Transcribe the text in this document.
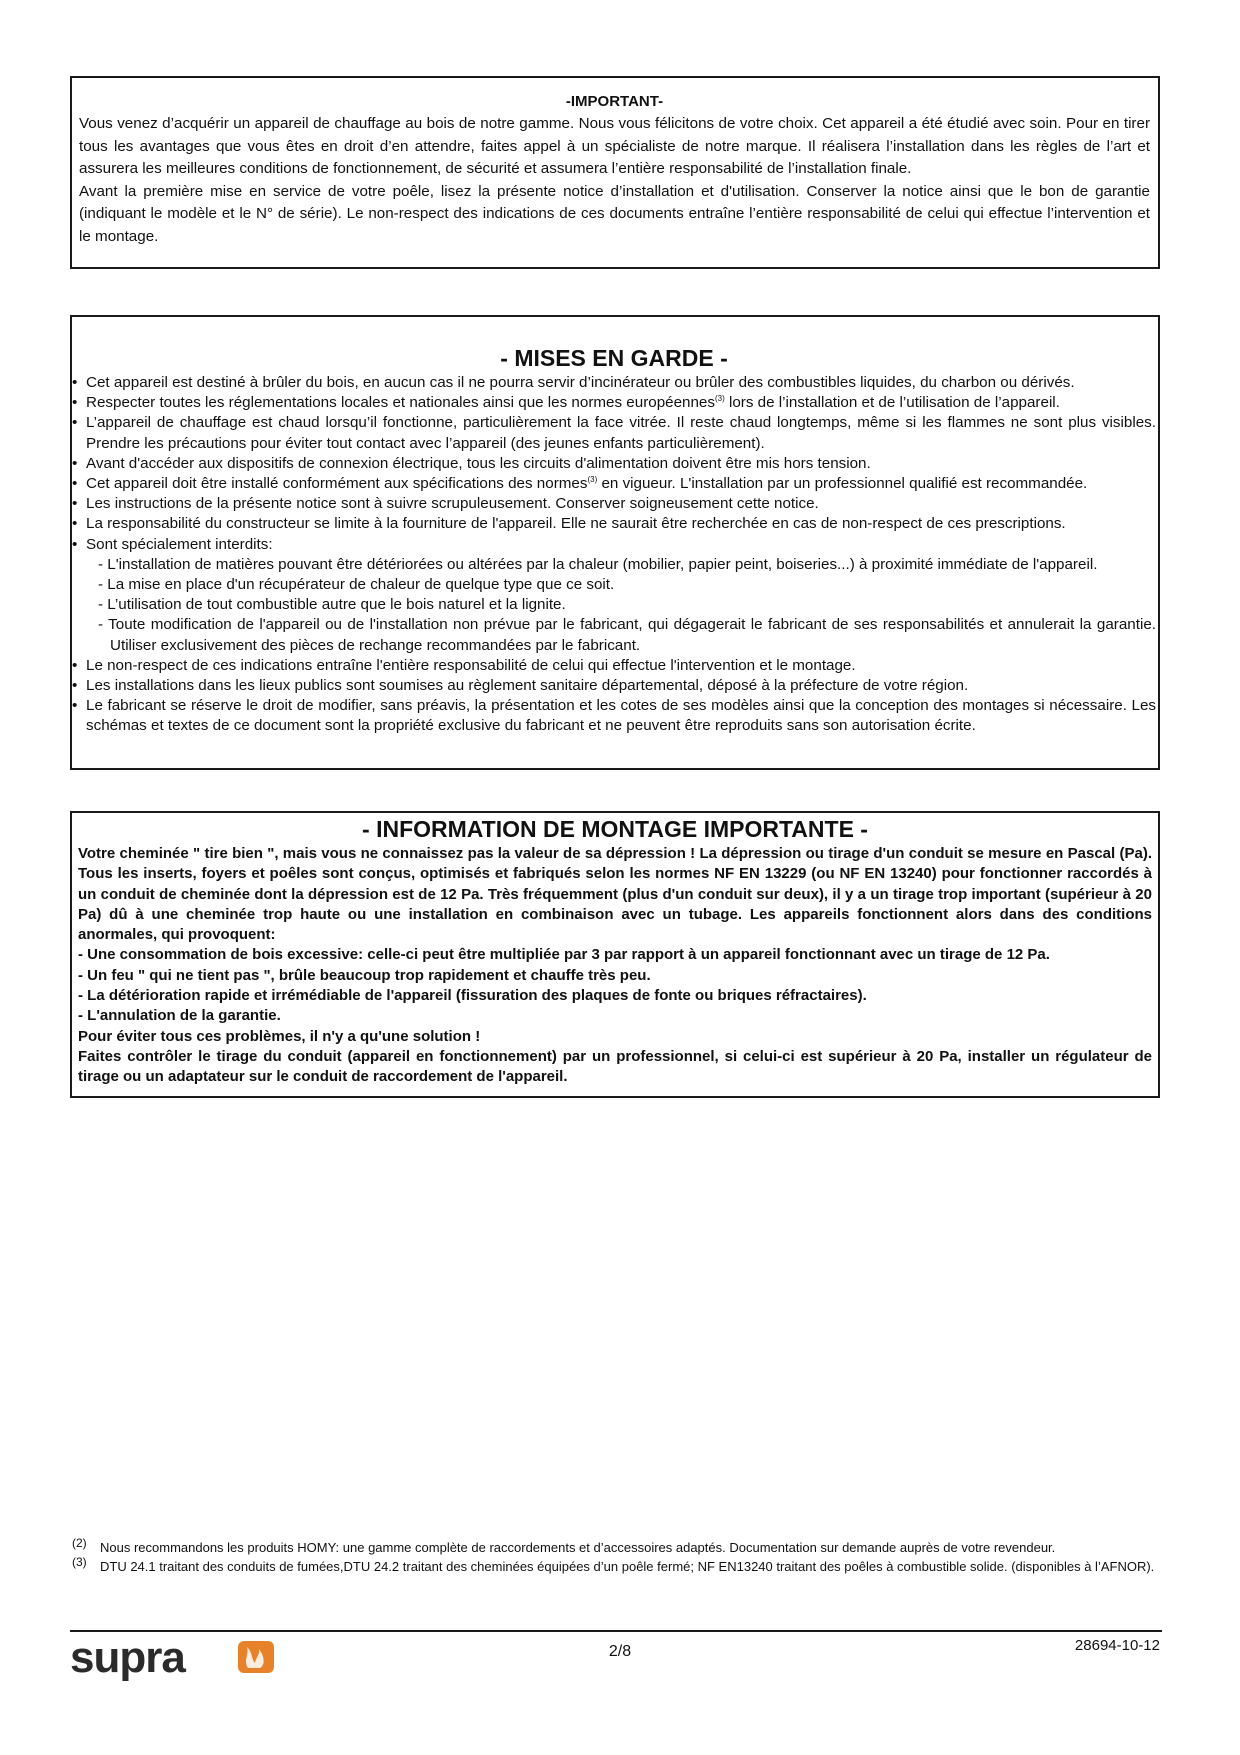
-IMPORTANT-

Vous venez d’acquérir un appareil de chauffage au bois de notre gamme. Nous vous félicitons de votre choix. Cet appareil a été étudié avec soin. Pour en tirer tous les avantages que vous êtes en droit d’en attendre, faites appel à un spécialiste de notre marque. Il réalisera l’installation dans les règles de l’art et assurera les meilleures conditions de fonctionnement, de sécurité et assumera l’entière responsabilité de l’installation finale.

Avant la première mise en service de votre poêle, lisez la présente notice d’installation et d'utilisation. Conserver la notice ainsi que le bon de garantie (indiquant le modèle et le N° de série). Le non-respect des indications de ces documents entraîne l’entière responsabilité de celui qui effectue l’intervention et le montage.

- MISES EN GARDE -

• Cet appareil est destiné à brûler du bois, en aucun cas il ne pourra servir d’incinérateur ou brûler des combustibles liquides, du charbon ou dérivés.
• Respecter toutes les réglementations locales et nationales ainsi que les normes européennes$^{(3)}$ lors de l’installation et de l’utilisation de l’appareil.
• L’appareil de chauffage est chaud lorsqu’il fonctionne, particulièrement la face vitrée. Il reste chaud longtemps, même si les flammes ne sont plus visibles. Prendre les précautions pour éviter tout contact avec l’appareil (des jeunes enfants particulièrement).
• Avant d'accéder aux dispositifs de connexion électrique, tous les circuits d'alimentation doivent être mis hors tension.
• Cet appareil doit être installé conformément aux spécifications des normes$^{(3)}$ en vigueur. L'installation par un professionnel qualifié est recommandée.
• Les instructions de la présente notice sont à suivre scrupuleusement. Conserver soigneusement cette notice.
• La responsabilité du constructeur se limite à la fourniture de l'appareil. Elle ne saurait être recherchée en cas de non-respect de ces prescriptions.
• Sont spécialement interdits:
- L'installation de matières pouvant être détériorées ou altérées par la chaleur (mobilier, papier peint, boiseries...) à proximité immédiate de l'appareil.
- La mise en place d'un récupérateur de chaleur de quelque type que ce soit.
- L’utilisation de tout combustible autre que le bois naturel et la lignite.
- Toute modification de l'appareil ou de l'installation non prévue par le fabricant, qui dégagerait le fabricant de ses responsabilités et annulerait la garantie. Utiliser exclusivement des pièces de rechange recommandées par le fabricant.
• Le non-respect de ces indications entraîne l'entière responsabilité de celui qui effectue l'intervention et le montage.
• Les installations dans les lieux publics sont soumises au règlement sanitaire départemental, déposé à la préfecture de votre région.
• Le fabricant se réserve le droit de modifier, sans préavis, la présentation et les cotes de ses modèles ainsi que la conception des montages si nécessaire. Les schémas et textes de ce document sont la propriété exclusive du fabricant et ne peuvent être reproduits sans son autorisation écrite.

- INFORMATION DE MONTAGE IMPORTANTE -

Votre cheminée " tire bien ", mais vous ne connaissez pas la valeur de sa dépression ! La dépression ou tirage d'un conduit se mesure en Pascal (Pa). Tous les inserts, foyers et poêles sont conçus, optimisés et fabriqués selon les normes NF EN 13229 (ou NF EN 13240) pour fonctionner raccordés à un conduit de cheminée dont la dépression est de 12 Pa. Très fréquemment (plus d'un conduit sur deux), il y a un tirage trop important (supérieur à 20 Pa) dû à une cheminée trop haute ou une installation en combinaison avec un tubage. Les appareils fonctionnent alors dans des conditions anormales, qui provoquent:

- Une consommation de bois excessive: celle-ci peut être multipliée par 3 par rapport à un appareil fonctionnant avec un tirage de 12 Pa.

- Un feu " qui ne tient pas ", brûle beaucoup trop rapidement et chauffe très peu.

- La détérioration rapide et irrémédiable de l'appareil (fissuration des plaques de fonte ou briques réfractaires).

- L'annulation de la garantie.

Pour éviter tous ces problèmes, il n'y a qu'une solution !

Faites contrôler le tirage du conduit (appareil en fonctionnement) par un professionnel, si celui-ci est supérieur à 20 Pa, installer un régulateur de tirage ou un adaptateur sur le conduit de raccordement de l'appareil.

(2) Nous recommandons les produits HOMY: une gamme complète de raccordements et d’accessoires adaptés. Documentation sur demande auprès de votre revendeur.

(3) DTU 24.1 traitant des conduits de fumées,DTU 24.2 traitant des cheminées équipées d’un poêle fermé; NF EN13240 traitant des poêles à combustible solide. (disponibles à l’AFNOR).

supra	2/8	28694-10-12
